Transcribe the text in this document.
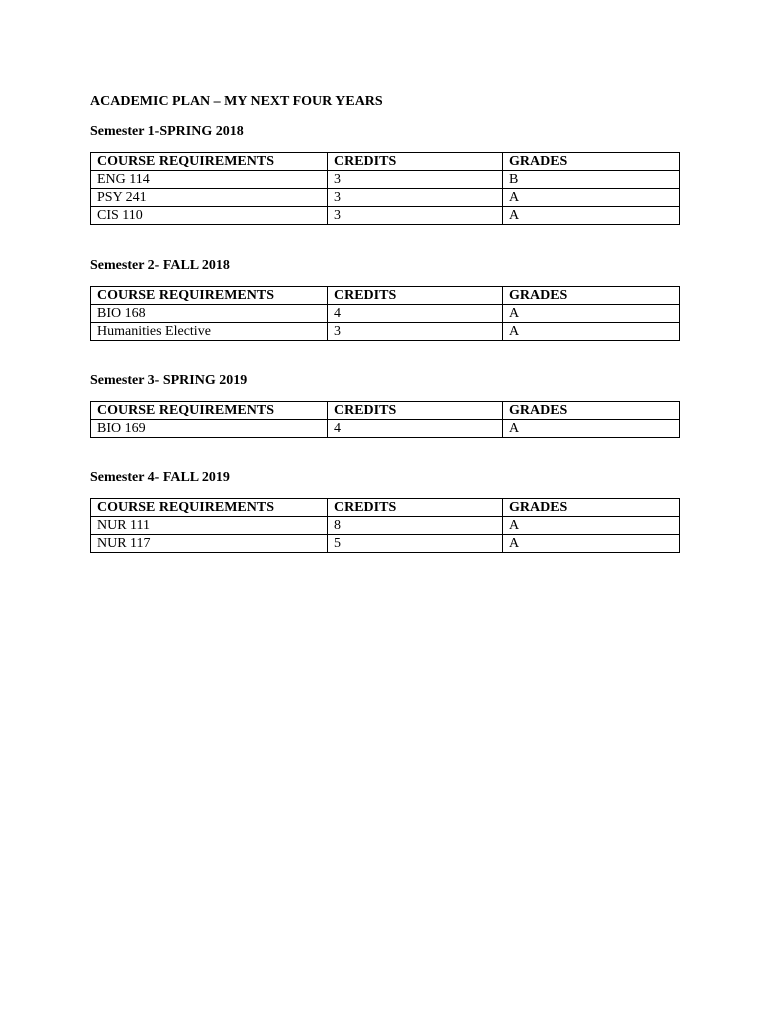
ACADEMIC PLAN – MY NEXT FOUR YEARS
Semester 1-SPRING 2018
COURSE REQUIREMENTS	CREDITS	GRADES
ENG 114	3	B
PSY 241	3	A
CIS 110	3	A
Semester 2- FALL 2018
COURSE REQUIREMENTS	CREDITS	GRADES
BIO 168	4	A
Humanities Elective	3	A
Semester 3- SPRING 2019
COURSE REQUIREMENTS	CREDITS	GRADES
BIO 169	4	A
Semester 4- FALL 2019
COURSE REQUIREMENTS	CREDITS	GRADES
NUR 111	8	A
NUR 117	5	A
